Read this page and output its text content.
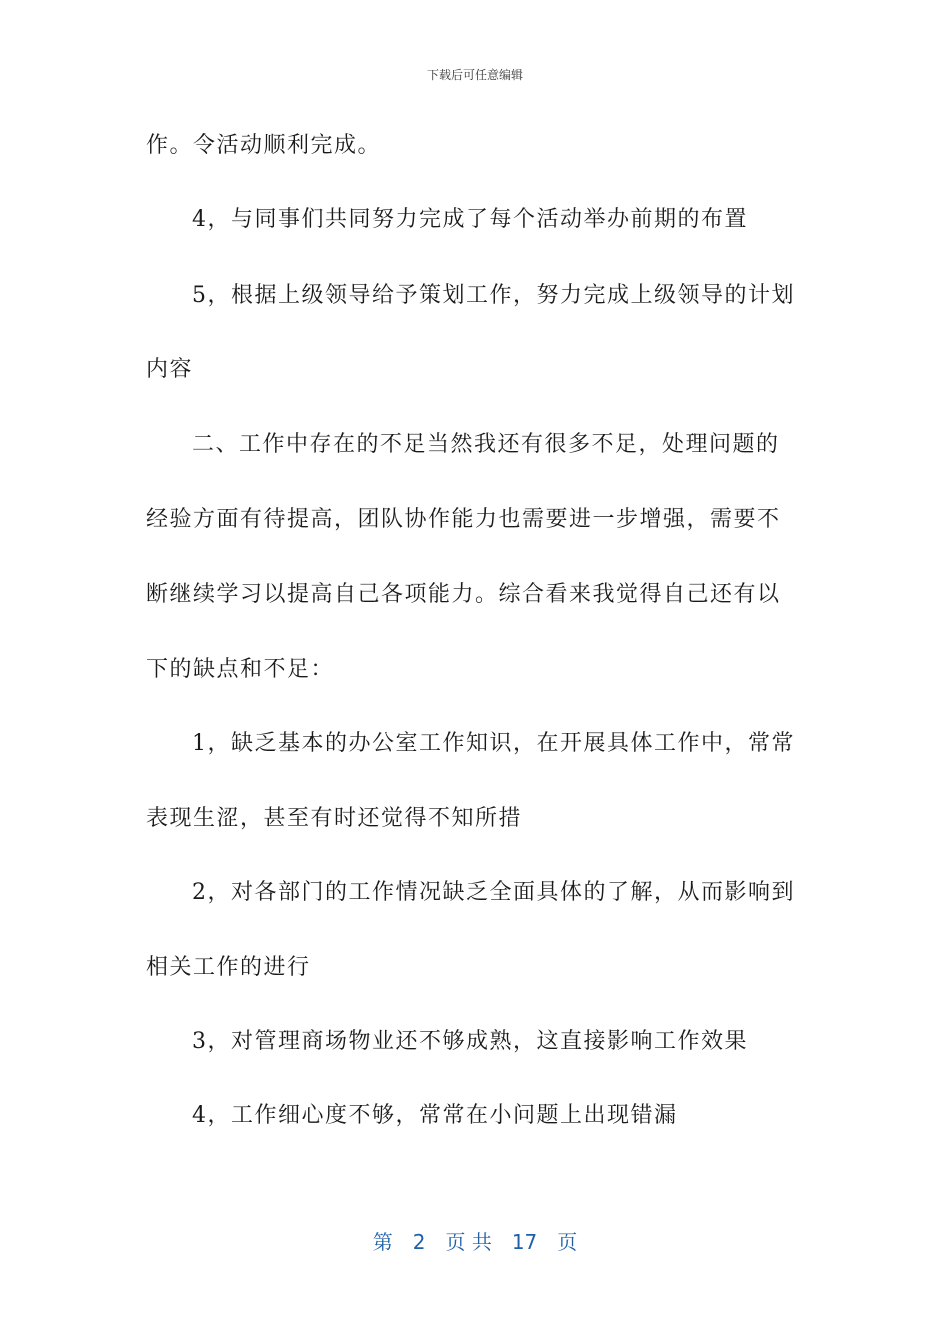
下载后可任意编辑
作。令活动顺利完成。
4，与同事们共同努力完成了每个活动举办前期的布置
5，根据上级领导给予策划工作，努力完成上级领导的计划
内容
二、工作中存在的不足当然我还有很多不足，处理问题的
经验方面有待提高，团队协作能力也需要进一步增强，需要不
断继续学习以提高自己各项能力。综合看来我觉得自己还有以
下的缺点和不足：
1，缺乏基本的办公室工作知识，在开展具体工作中，常常
表现生涩，甚至有时还觉得不知所措
2，对各部门的工作情况缺乏全面具体的了解，从而影响到
相关工作的进行
3，对管理商场物业还不够成熟，这直接影响工作效果
4，工作细心度不够，常常在小问题上出现错漏
第　2　页 共　17　页
